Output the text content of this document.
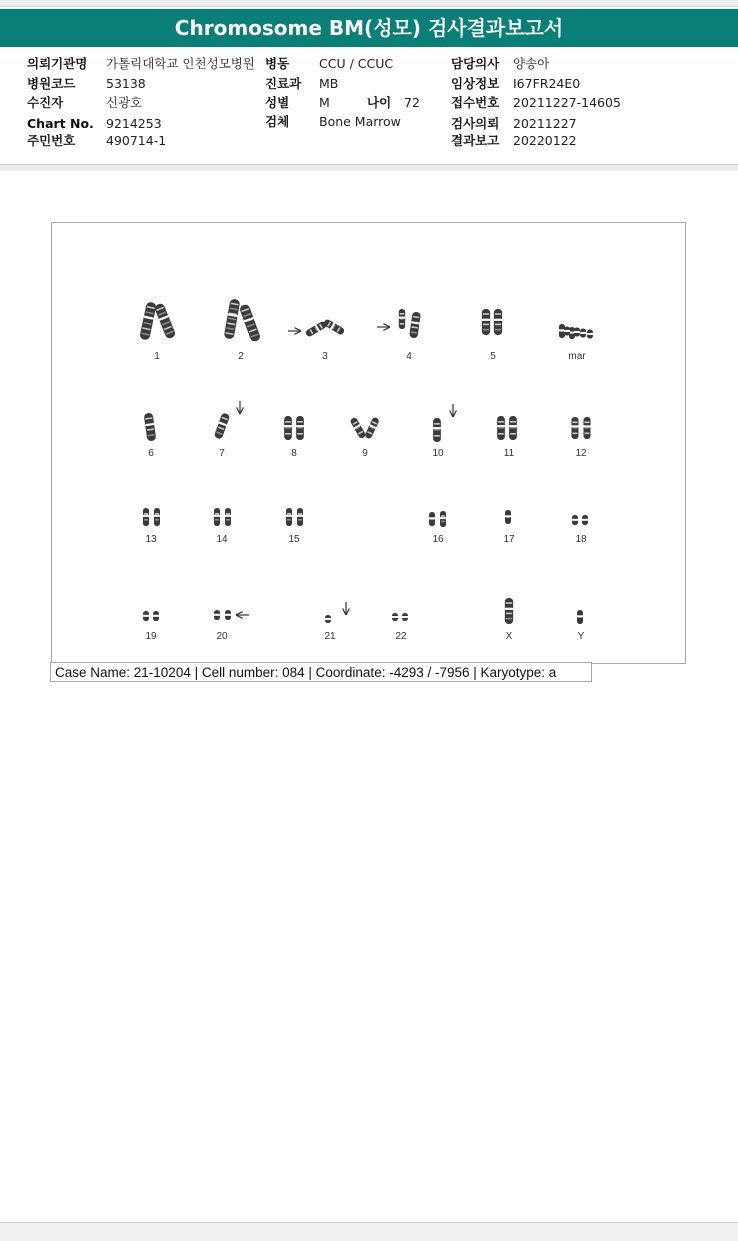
Chromosome BM(성모) 검사결과보고서
의뢰기관명 가톨릭대학교 인천성모병원
병원코드 53138
수진자	신광호
Chart No. 9214253
주민번호 490714-1
병동 CCU / CCUC
진료과 MB
성별 M	나이 72
검체 Bone Marrow
담당의사 양송아
임상정보 I67FR24E0
접수번호 20211227-14605
검사의뢰 20211227
결과보고 20220122
1	2	3	4	5	mar
6	7	8	9	10	11	12
13	14	15	16	17	18
19	20	21	22	X	Y
Case Name: 21-10204 | Cell number: 084 | Coordinate: -4293 / -7956 | Karyotype: a
